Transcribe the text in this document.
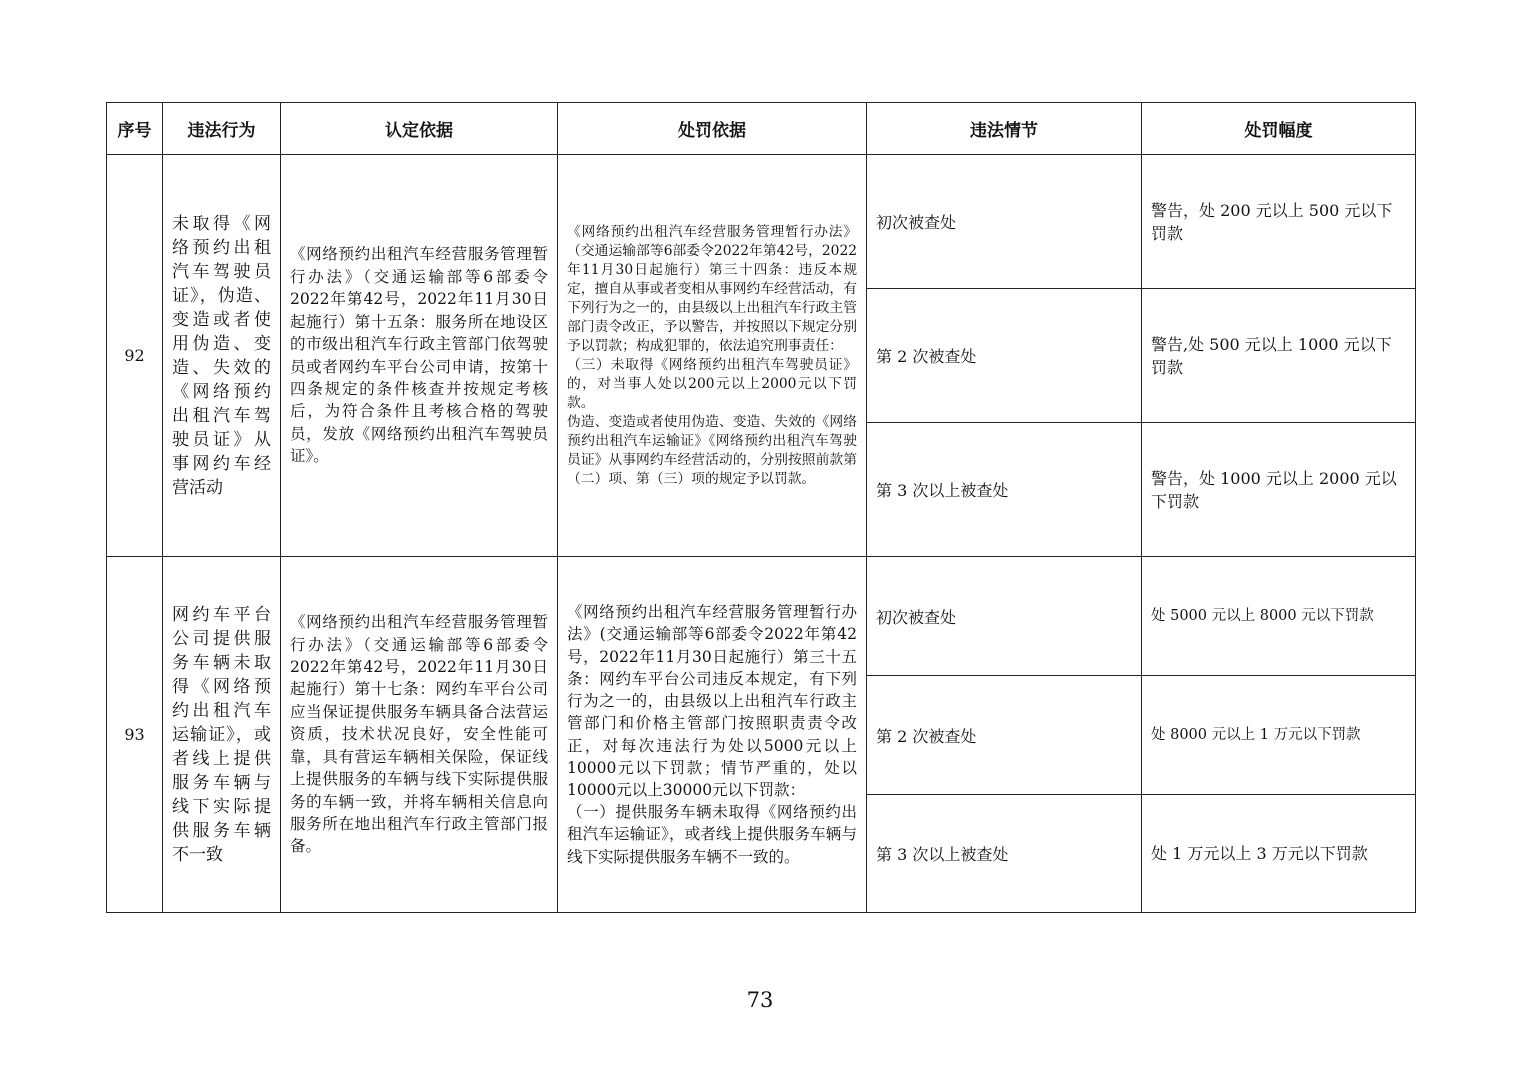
序号	违法行为	认定依据	处罚依据	违法情节	处罚幅度
92	未取得《网络预约出租汽车驾驶员证》，伪造、变造或者使用伪造、变造、失效的《网络预约出租汽车驾驶员证》从事网约车经营活动	《网络预约出租汽车经营服务管理暂行办法》（交通运输部等6部委令2022年第42号，2022年11月30日起施行）第十五条：服务所在地设区的市级出租汽车行政主管部门依驾驶员或者网约车平台公司申请，按第十四条规定的条件核查并按规定考核后，为符合条件且考核合格的驾驶员，发放《网络预约出租汽车驾驶员证》。	《网络预约出租汽车经营服务管理暂行办法》（交通运输部等6部委令2022年第42号，2022年11月30日起施行）第三十四条：违反本规定，擅自从事或者变相从事网约车经营活动，有下列行为之一的，由县级以上出租汽车行政主管部门责令改正，予以警告，并按照以下规定分别予以罚款；构成犯罪的，依法追究刑事责任：
（三）未取得《网络预约出租汽车驾驶员证》的，对当事人处以200元以上2000元以下罚款。
伪造、变造或者使用伪造、变造、失效的《网络预约出租汽车运输证》《网络预约出租汽车驾驶员证》从事网约车经营活动的，分别按照前款第（二）项、第（三）项的规定予以罚款。	初次被查处	警告，处 200 元以上 500 元以下罚款
				第 2 次被查处	警告,处 500 元以上 1000 元以下罚款
				第 3 次以上被查处	警告，处 1000 元以上 2000 元以下罚款
93	网约车平台公司提供服务车辆未取得《网络预约出租汽车运输证》，或者线上提供服务车辆与线下实际提供服务车辆不一致	《网络预约出租汽车经营服务管理暂行办法》（交通运输部等6部委令2022年第42号，2022年11月30日起施行）第十七条：网约车平台公司应当保证提供服务车辆具备合法营运资质，技术状况良好，安全性能可靠，具有营运车辆相关保险，保证线上提供服务的车辆与线下实际提供服务的车辆一致，并将车辆相关信息向服务所在地出租汽车行政主管部门报备。	《网络预约出租汽车经营服务管理暂行办法》(交通运输部等6部委令2022年第42号，2022年11月30日起施行）第三十五条：网约车平台公司违反本规定，有下列行为之一的，由县级以上出租汽车行政主管部门和价格主管部门按照职责责令改正，对每次违法行为处以5000元以上10000元以下罚款；情节严重的，处以10000元以上30000元以下罚款：
（一）提供服务车辆未取得《网络预约出租汽车运输证》，或者线上提供服务车辆与线下实际提供服务车辆不一致的。	初次被查处	处 5000 元以上 8000 元以下罚款
				第 2 次被查处	处 8000 元以上 1 万元以下罚款
				第 3 次以上被查处	处 1 万元以上 3 万元以下罚款
73
